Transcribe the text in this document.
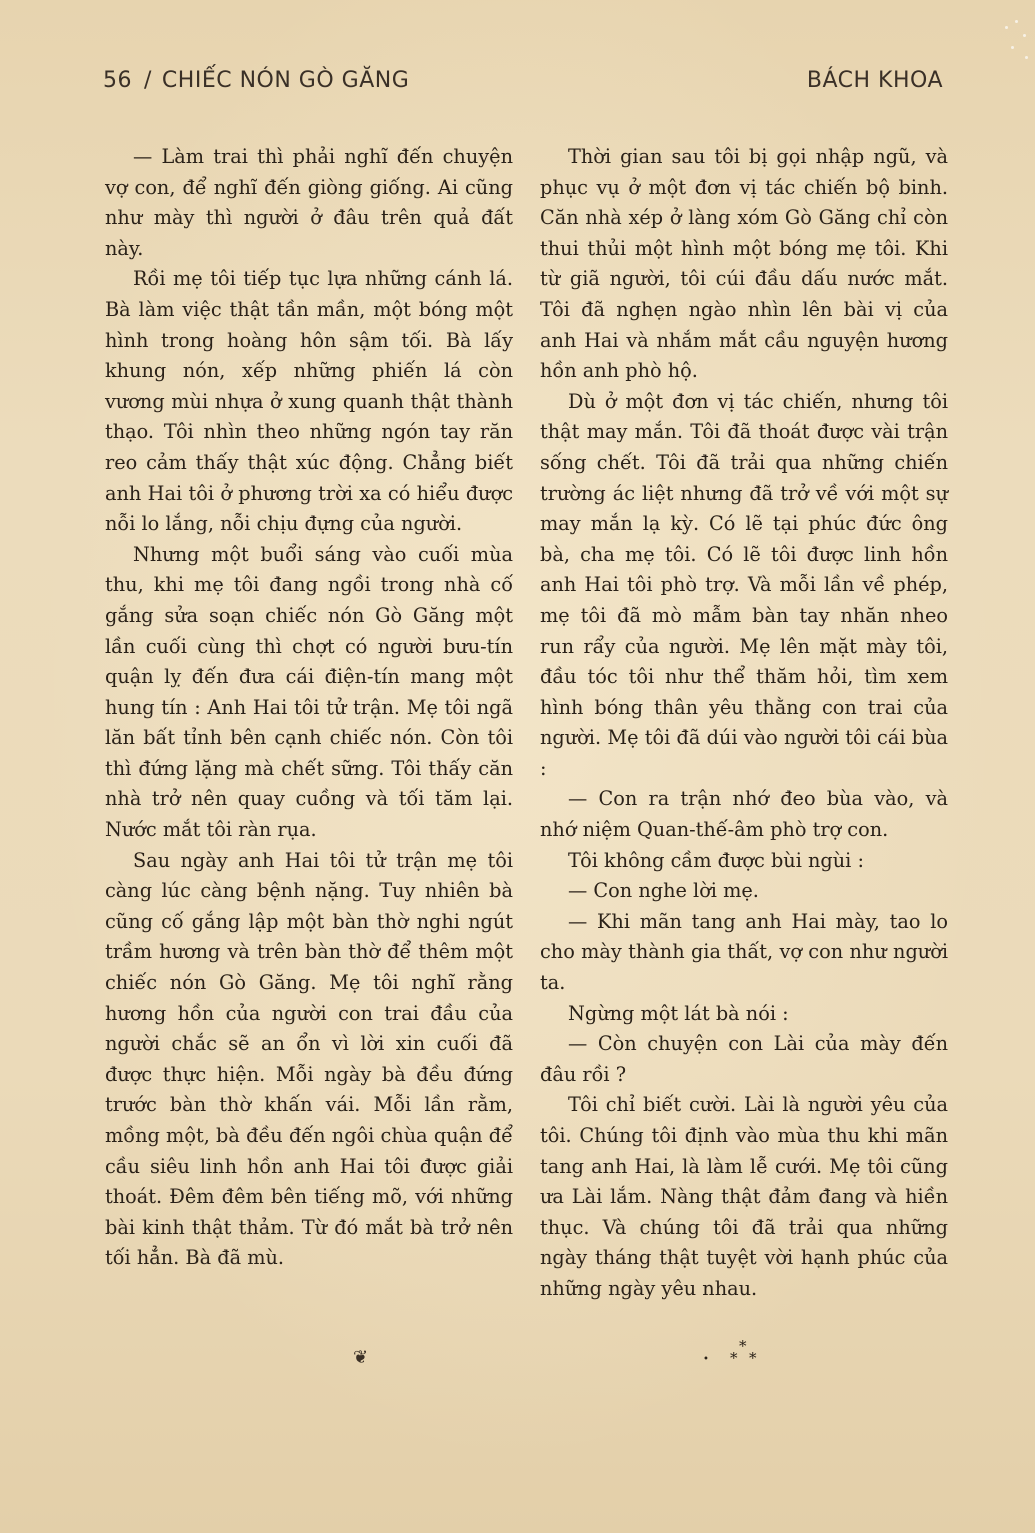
56 / CHIẾC NÓN GÒ GĂNG	BÁCH KHOA

— Làm trai thì phải nghĩ đến chuyện vợ con, để nghĩ đến giòng giống. Ai cũng như mày thì người ở đâu trên quả đất này.

Rồi mẹ tôi tiếp tục lựa những cánh lá. Bà làm việc thật tần mần, một bóng một hình trong hoàng hôn sậm tối. Bà lấy khung nón, xếp những phiến lá còn vương mùi nhựa ở xung quanh thật thành thạo. Tôi nhìn theo những ngón tay răn reo cảm thấy thật xúc động. Chẳng biết anh Hai tôi ở phương trời xa có hiểu được nỗi lo lắng, nỗi chịu đựng của người.

Nhưng một buổi sáng vào cuối mùa thu, khi mẹ tôi đang ngồi trong nhà cố gắng sửa soạn chiếc nón Gò Găng một lần cuối cùng thì chợt có người bưu-tín quận lỵ đến đưa cái điện-tín mang một hung tín : Anh Hai tôi tử trận. Mẹ tôi ngã lăn bất tỉnh bên cạnh chiếc nón. Còn tôi thì đứng lặng mà chết sững. Tôi thấy căn nhà trở nên quay cuồng và tối tăm lại. Nước mắt tôi ràn rụa.

Sau ngày anh Hai tôi tử trận mẹ tôi càng lúc càng bệnh nặng. Tuy nhiên bà cũng cố gắng lập một bàn thờ nghi ngút trầm hương và trên bàn thờ để thêm một chiếc nón Gò Găng. Mẹ tôi nghĩ rằng hương hồn của người con trai đầu của người chắc sẽ an ổn vì lời xin cuối đã được thực hiện. Mỗi ngày bà đều đứng trước bàn thờ khấn vái. Mỗi lần rằm, mồng một, bà đều đến ngôi chùa quận để cầu siêu linh hồn anh Hai tôi được giải thoát. Đêm đêm bên tiếng mõ, với những bài kinh thật thảm. Từ đó mắt bà trở nên tối hẳn. Bà đã mù.

Thời gian sau tôi bị gọi nhập ngũ, và phục vụ ở một đơn vị tác chiến bộ binh. Căn nhà xép ở làng xóm Gò Găng chỉ còn thui thủi một hình một bóng mẹ tôi. Khi từ giã người, tôi cúi đầu dấu nước mắt. Tôi đã nghẹn ngào nhìn lên bài vị của anh Hai và nhắm mắt cầu nguyện hương hồn anh phò hộ.

Dù ở một đơn vị tác chiến, nhưng tôi thật may mắn. Tôi đã thoát được vài trận sống chết. Tôi đã trải qua những chiến trường ác liệt nhưng đã trở về với một sự may mắn lạ kỳ. Có lẽ tại phúc đức ông bà, cha mẹ tôi. Có lẽ tôi được linh hồn anh Hai tôi phò trợ. Và mỗi lần về phép, mẹ tôi đã mò mẫm bàn tay nhăn nheo run rẩy của người. Mẹ lên mặt mày tôi, đầu tóc tôi như thể thăm hỏi, tìm xem hình bóng thân yêu thằng con trai của người. Mẹ tôi đã dúi vào người tôi cái bùa :

— Con ra trận nhớ đeo bùa vào, và nhớ niệm Quan-thế-âm phò trợ con.

Tôi không cầm được bùi ngùi :

— Con nghe lời mẹ.

— Khi mãn tang anh Hai mày, tao lo cho mày thành gia thất, vợ con như người ta.

Ngừng một lát bà nói :

— Còn chuyện con Lài của mày đến đâu rồi ?

Tôi chỉ biết cười. Lài là người yêu của tôi. Chúng tôi định vào mùa thu khi mãn tang anh Hai, là làm lễ cưới. Mẹ tôi cũng ưa Lài lắm. Nàng thật đảm đang và hiền thục. Và chúng tôi đã trải qua những ngày tháng thật tuyệt vời hạnh phúc của những ngày yêu nhau.

❦	•
*
* *
